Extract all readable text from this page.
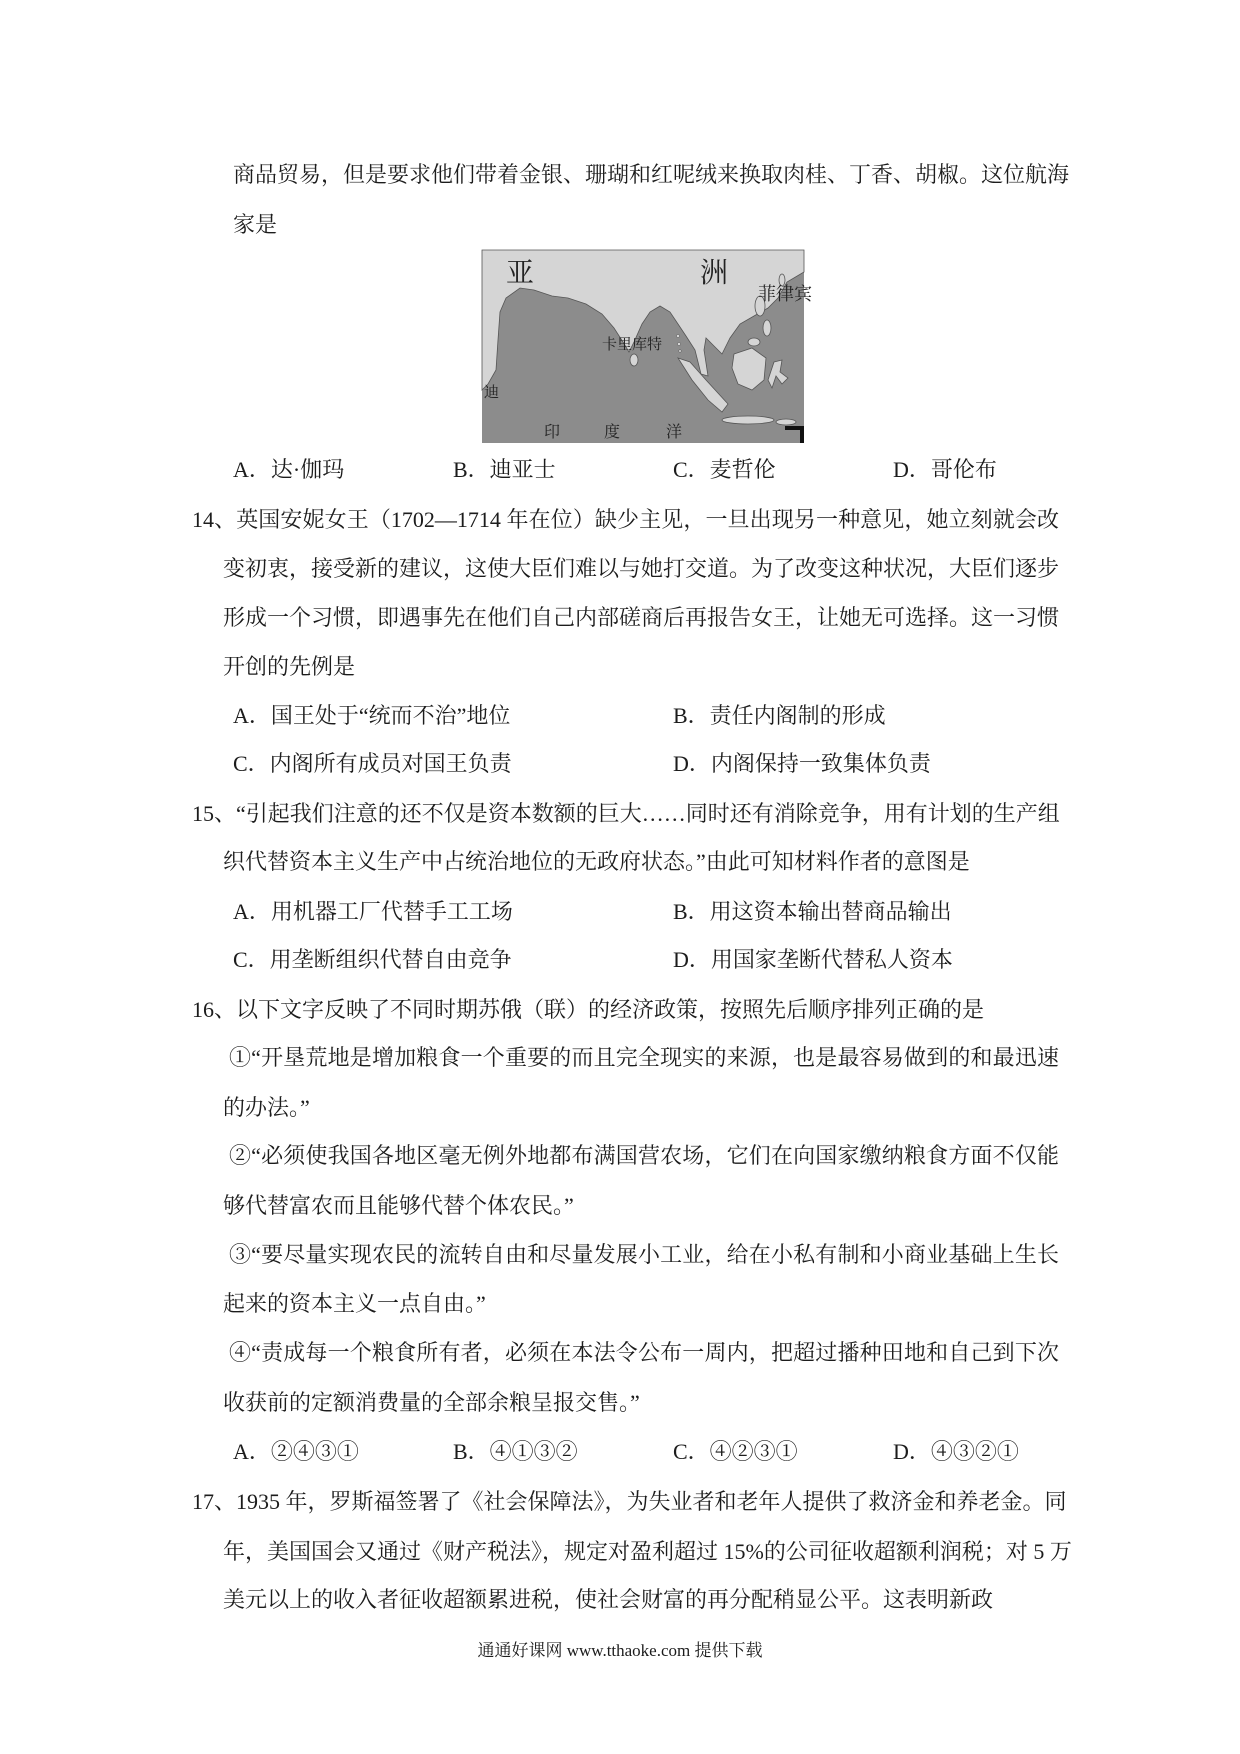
商品贸易，但是要求他们带着金银、珊瑚和红呢绒来换取肉桂、丁香、胡椒。这位航海
家是
亚	洲
菲律宾
卡里库特
迪
印	度	洋
A．达·伽玛	B．迪亚士	C．麦哲伦	D．哥伦布
14、英国安妮女王（1702—1714 年在位）缺少主见，一旦出现另一种意见，她立刻就会改
变初衷，接受新的建议，这使大臣们难以与她打交道。为了改变这种状况，大臣们逐步
形成一个习惯，即遇事先在他们自己内部磋商后再报告女王，让她无可选择。这一习惯
开创的先例是
A．国王处于“统而不治”地位	B．责任内阁制的形成
C．内阁所有成员对国王负责	D．内阁保持一致集体负责
15、“引起我们注意的还不仅是资本数额的巨大……同时还有消除竞争，用有计划的生产组
织代替资本主义生产中占统治地位的无政府状态。”由此可知材料作者的意图是
A．用机器工厂代替手工工场	B．用这资本输出替商品输出
C．用垄断组织代替自由竞争	D．用国家垄断代替私人资本
16、以下文字反映了不同时期苏俄（联）的经济政策，按照先后顺序排列正确的是
①“开垦荒地是增加粮食一个重要的而且完全现实的来源，也是最容易做到的和最迅速
的办法。”
②“必须使我国各地区毫无例外地都布满国营农场，它们在向国家缴纳粮食方面不仅能
够代替富农而且能够代替个体农民。”
③“要尽量实现农民的流转自由和尽量发展小工业，给在小私有制和小商业基础上生长
起来的资本主义一点自由。”
④“责成每一个粮食所有者，必须在本法令公布一周内，把超过播种田地和自己到下次
收获前的定额消费量的全部余粮呈报交售。”
A．②④③①	B．④①③②	C．④②③①	D．④③②①
17、1935 年，罗斯福签署了《社会保障法》，为失业者和老年人提供了救济金和养老金。同
年，美国国会又通过《财产税法》，规定对盈利超过 15%的公司征收超额利润税；对 5 万
美元以上的收入者征收超额累进税，使社会财富的再分配稍显公平。这表明新政
通通好课网 www.tthaoke.com 提供下载
